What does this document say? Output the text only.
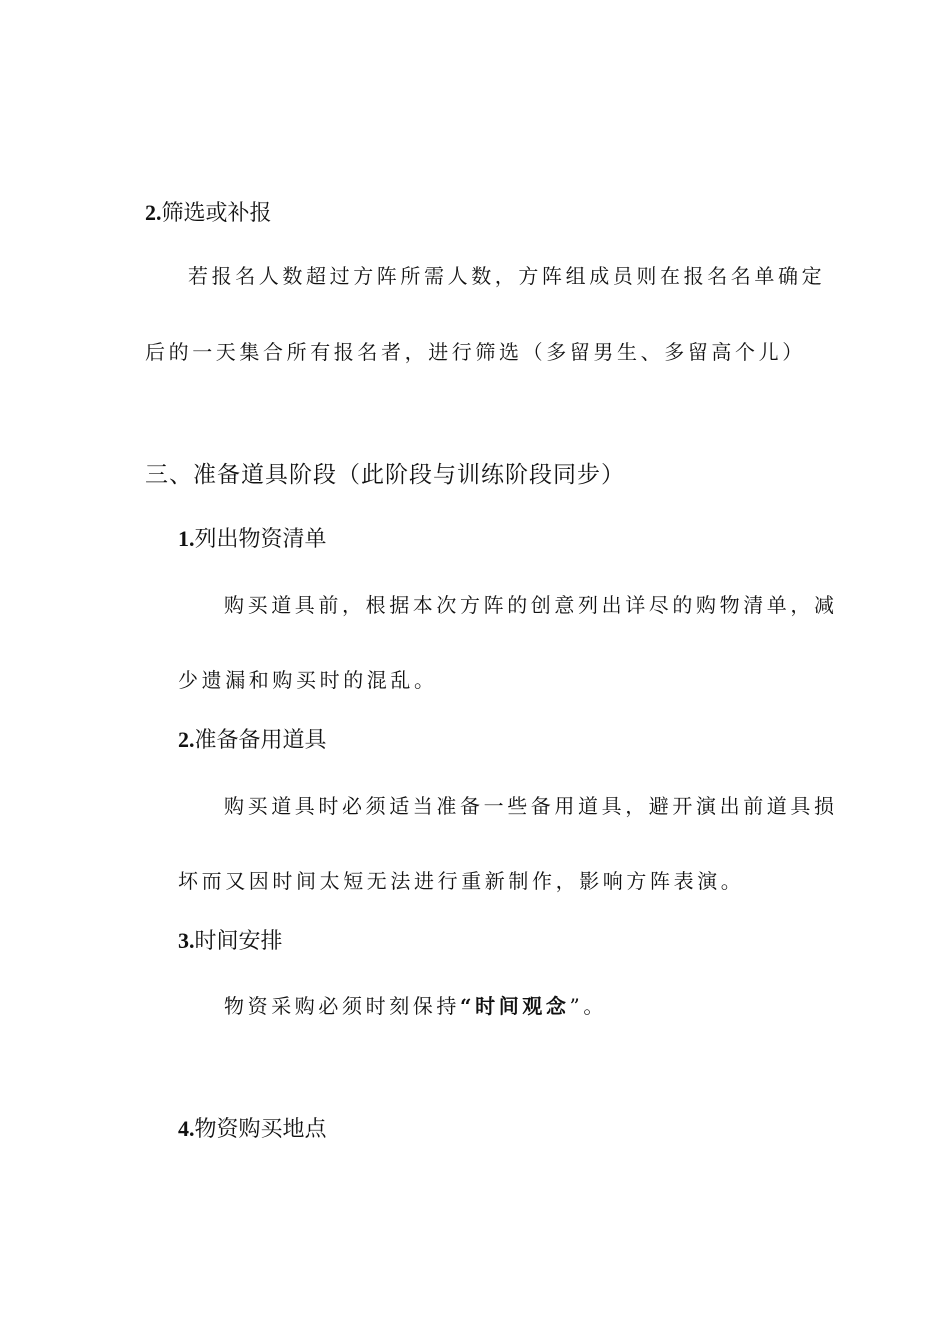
2.筛选或补报
若报名人数超过方阵所需人数，方阵组成员则在报名名单确定
后的一天集合所有报名者，进行筛选（多留男生、多留高个儿）
三、准备道具阶段（此阶段与训练阶段同步）
1.列出物资清单
购买道具前，根据本次方阵的创意列出详尽的购物清单，减
少遗漏和购买时的混乱。
2.准备备用道具
购买道具时必须适当准备一些备用道具，避开演出前道具损
坏而又因时间太短无法进行重新制作，影响方阵表演。
3.时间安排
物资采购必须时刻保持“时间观念”。
4.物资购买地点
